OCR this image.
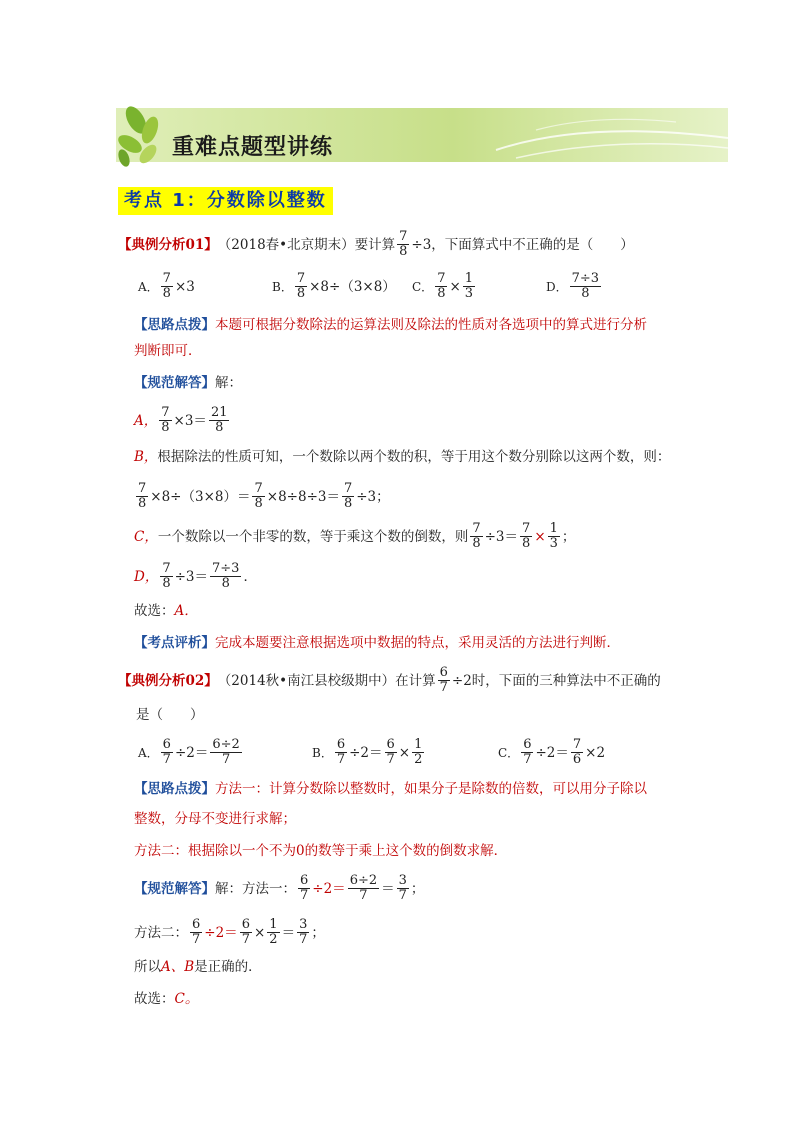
重难点题型讲练
考点 1：分数除以整数
【典例分析01】 （2018春•北京期末）要计算 $\frac{7}{8} \div 3$，下面算式中不正确的是（　　）
A． $\frac{7}{8} \times 3$	B． $\frac{7}{8} \times 8\div(3\times 8)$ C． $\frac{7}{8} \times \frac{1}{3}$	D． $\frac{7\div 3}{8}$
【思路点拨】 本题可根据分数除法的运算法则及除法的性质对各选项中的算式进行分析
判断即可．
【规范解答】 解：
A， $\frac{7}{8} \times 3= \frac{21}{8}$
B， 根据除法的性质可知，一个数除以两个数的积，等于用这个数分别除以这两个数，则：
$\frac{7}{8} \times 8\div(3\times 8)= \frac{7}{8} \times 8\div 8\div 3= \frac{7}{8} \div 3$；
C， 一个数除以一个非零的数，等于乘这个数的倒数，则 $\frac{7}{8} \div 3= \frac{7}{8} \times \frac{1}{3}$ ；
D， $\frac{7}{8} \div 3= \frac{7\div 3}{8}$ ．
故选： A．
【考点评析】 完成本题要注意根据选项中数据的特点，采用灵活的方法进行判断．
【典例分析02】 （2014秋•南江县校级期中）在计算 $\frac{6}{7} \div 2$时，下面的三种算法中不正确的
是（　　）
A． $\frac{6}{7} \div 2= \frac{6\div 2}{7}$	B． $\frac{6}{7} \div 2= \frac{6}{7} \times \frac{1}{2}$	C． $\frac{6}{7} \div 2= \frac{7}{6} \times 2$
【思路点拨】 方法一：计算分数除以整数时，如果分子是除数的倍数，可以用分子除以
整数，分母不变进行求解；
方法二：根据除以一个不为 0 的数等于乘上这个数的倒数求解．
【规范解答】 解：方法一： $\frac{6}{7} \div 2= \frac{6\div 2}{7} = \frac{3}{7}$ ；
方法二： $\frac{6}{7} \div 2= \frac{6}{7} \times \frac{1}{2} = \frac{3}{7}$ ；
所以 A、B 是正确的．
故选： C。
